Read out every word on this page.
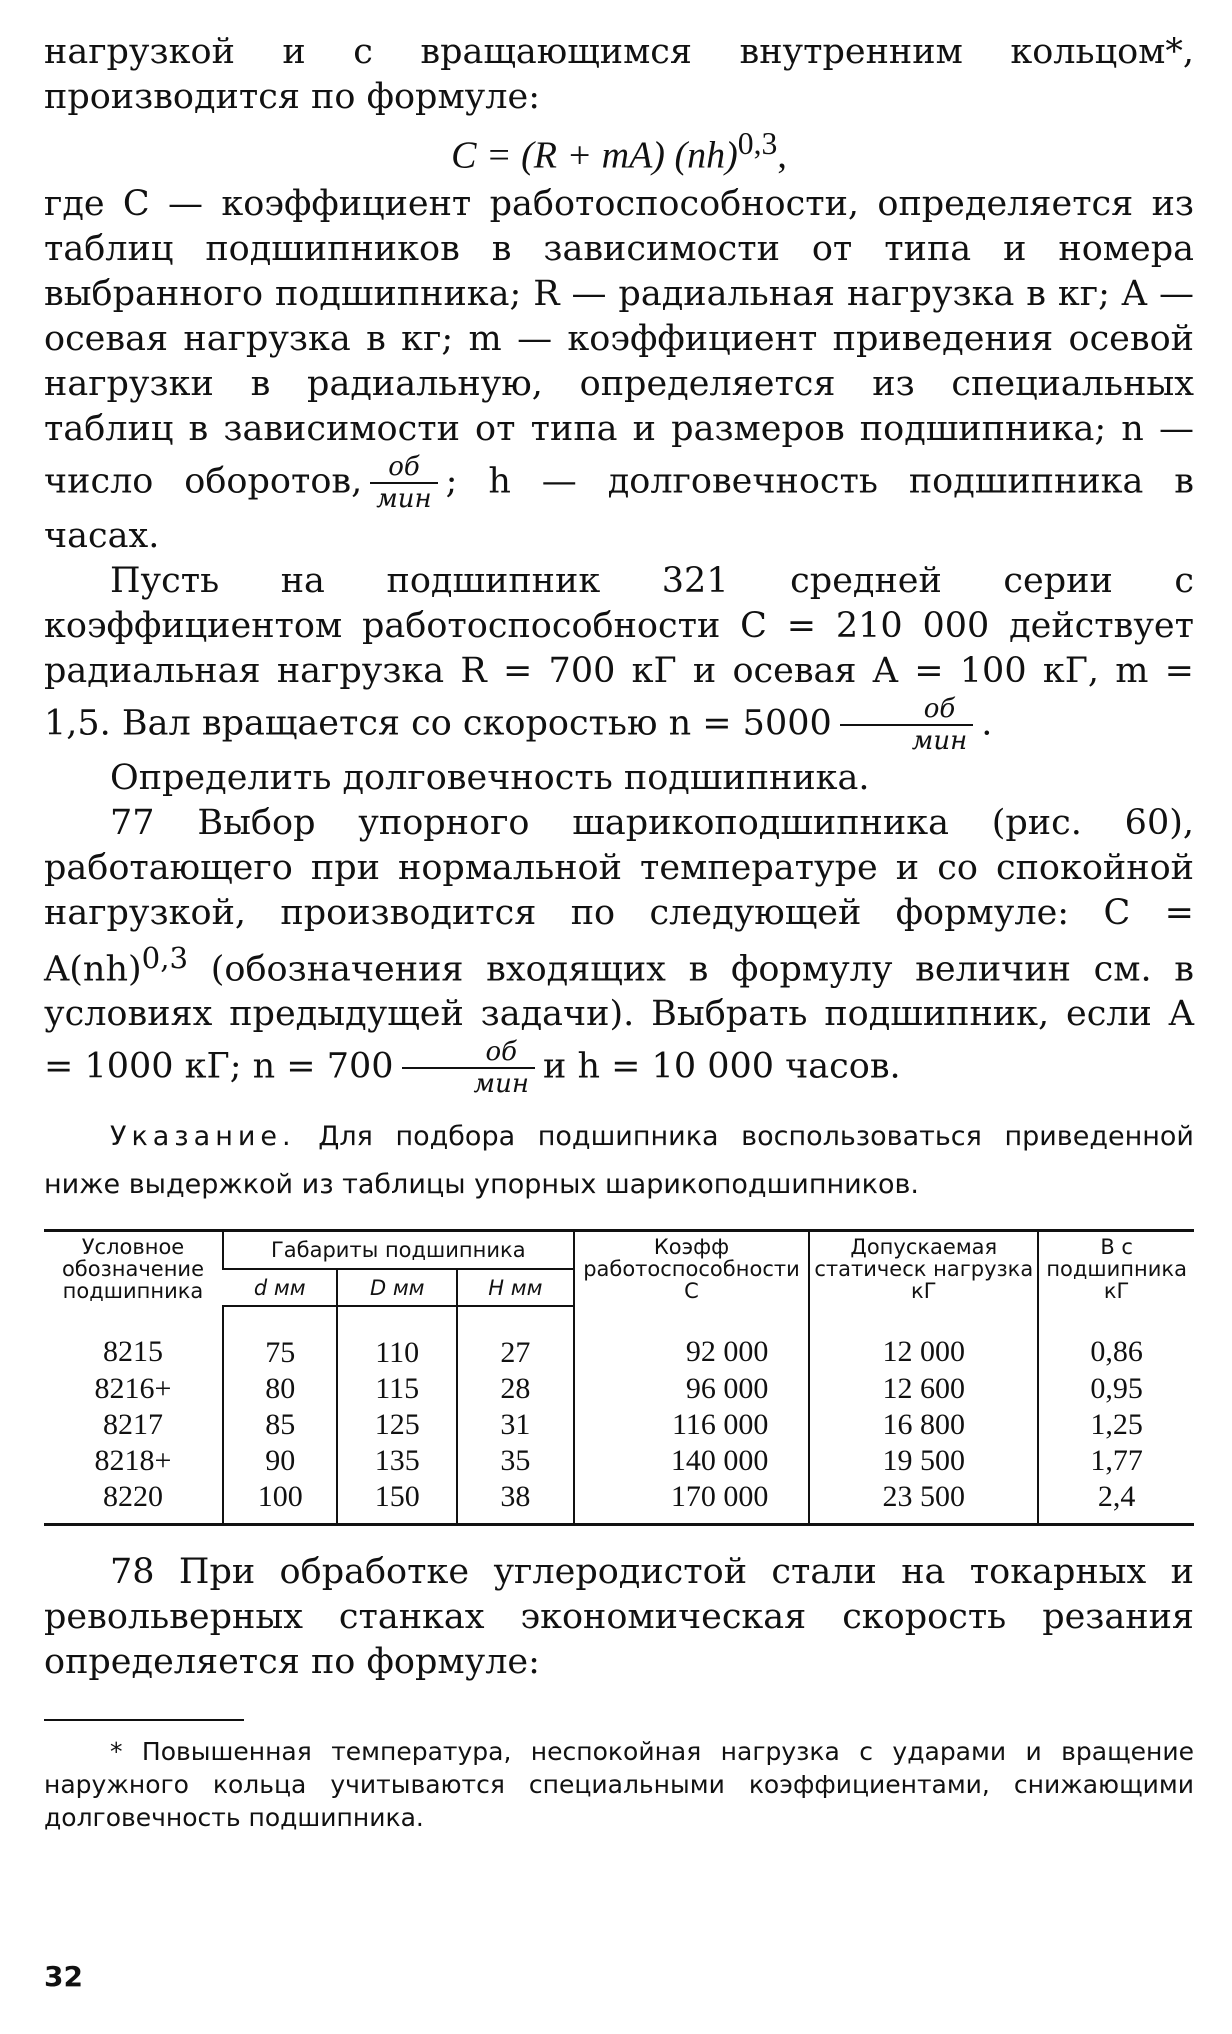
нагрузкой и с вращающимся внутренним кольцом*, производится по формуле:

C = (R + mA) (nh)$^{0,3}$,

где C — коэффициент работоспособности, определяется из таблиц подшипников в зависимости от типа и номера выбранного подшипника; R — радиальная нагрузка в кг; A — осевая нагрузка в кг; m — коэффициент приведения осевой нагрузки в радиальную, определяется из специальных таблиц в зависимости от типа и размеров подшипника; n — число оборотов, $\frac{об}{\text{мин}}$ ; h — долговечность подшипника в часах.

Пусть на подшипник 321 средней серии с коэффициентом работоспособности C = 210 000 действует радиальная нагрузка R = 700 кГ и осевая A = 100 кГ, m = 1,5. Вал вращается со скоростью $n = 5000 \frac{об}{\text{мин}}$ .

Определить долговечность подшипника.

77 Выбор упорного шарикоподшипника (рис. 60), работающего при нормальной температуре и со спокойной нагрузкой, производится по следующей формуле: C = A(nh)$^{0,3}$ (обозначения входящих в формулу величин см. в условиях предыдущей задачи). Выбрать подшипник, если A = 1000 кГ; $n = 700 \frac{об}{\text{мин}}$ и h = 10 000 часов.

Указание. Для подбора подшипника воспользоваться приведенной ниже выдержкой из таблицы упорных шарикоподшипников.

Условное обозначение подшипника	Габариты подшипника			Коэфф работоспособности C	Допускаемая статическ нагрузка кГ	В с подшипника кГ
	d мм	D мм	H мм			
8215	75	110	27	92 000	12 000	0,86
8216+	80	115	28	96 000	12 600	0,95
8217	85	125	31	116 000	16 800	1,25
8218+	90	135	35	140 000	19 500	1,77
8220	100	150	38	170 000	23 500	2,4

78 При обработке углеродистой стали на токарных и револьверных станках экономическая скорость резания определяется по формуле:

* Повышенная температура, неспокойная нагрузка с ударами и вращение наружного кольца учитываются специальными коэффициентами, снижающими долговечность подшипника.

32
